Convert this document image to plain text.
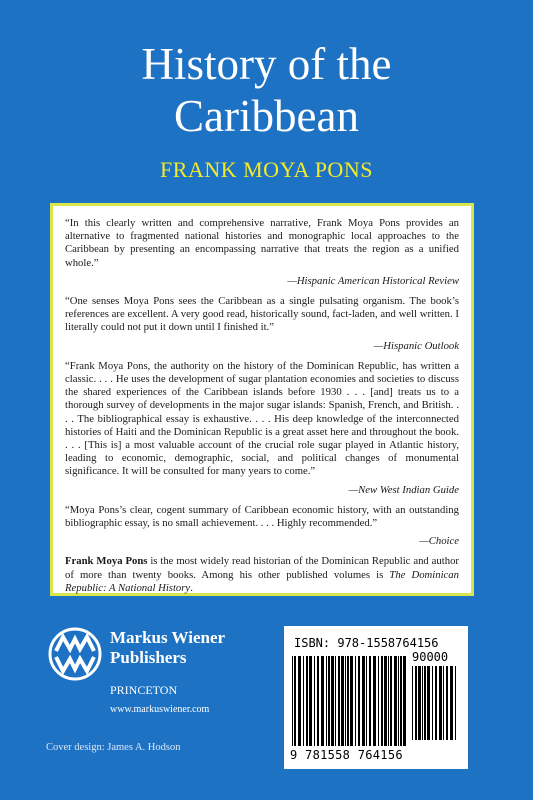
History of the
Caribbean
FRANK MOYA PONS

“In this clearly written and comprehensive narrative, Frank Moya Pons provides an alternative to fragmented national histories and monographic local approaches to the Caribbean by presenting an encompassing narrative that treats the region as a unified whole.”

—Hispanic American Historical Review

“One senses Moya Pons sees the Caribbean as a single pulsating organism. The book’s references are excellent. A very good read, historically sound, fact-laden, and well written. I literally could not put it down until I finished it.”

—Hispanic Outlook

“Frank Moya Pons, the authority on the history of the Dominican Republic, has written a classic. . . . He uses the development of sugar plantation economies and societies to discuss the shared experiences of the Caribbean islands before 1930 . . . [and] treats us to a thorough survey of developments in the major sugar islands: Spanish, French, and British. . . . The bibliographical essay is exhaustive. . . . His deep knowledge of the interconnected histories of Haiti and the Dominican Republic is a great asset here and throughout the book. . . . [This is] a most valuable account of the crucial role sugar played in Atlantic history, leading to economic, demographic, social, and political changes of monumental significance. It will be consulted for many years to come.”

—New West Indian Guide

“Moya Pons’s clear, cogent summary of Caribbean economic history, with an outstanding bibliographic essay, is no small achievement. . . . Highly recommended.”

—Choice

Frank Moya Pons is the most widely read historian of the Dominican Republic and author of more than twenty books. Among his other published volumes is The Dominican Republic: A National History.

Markus Wiener
Publishers
PRINCETON
www.markuswiener.com
Cover design: James A. Hodson
ISBN: 978-1558764156
90000
9 781558 764156
